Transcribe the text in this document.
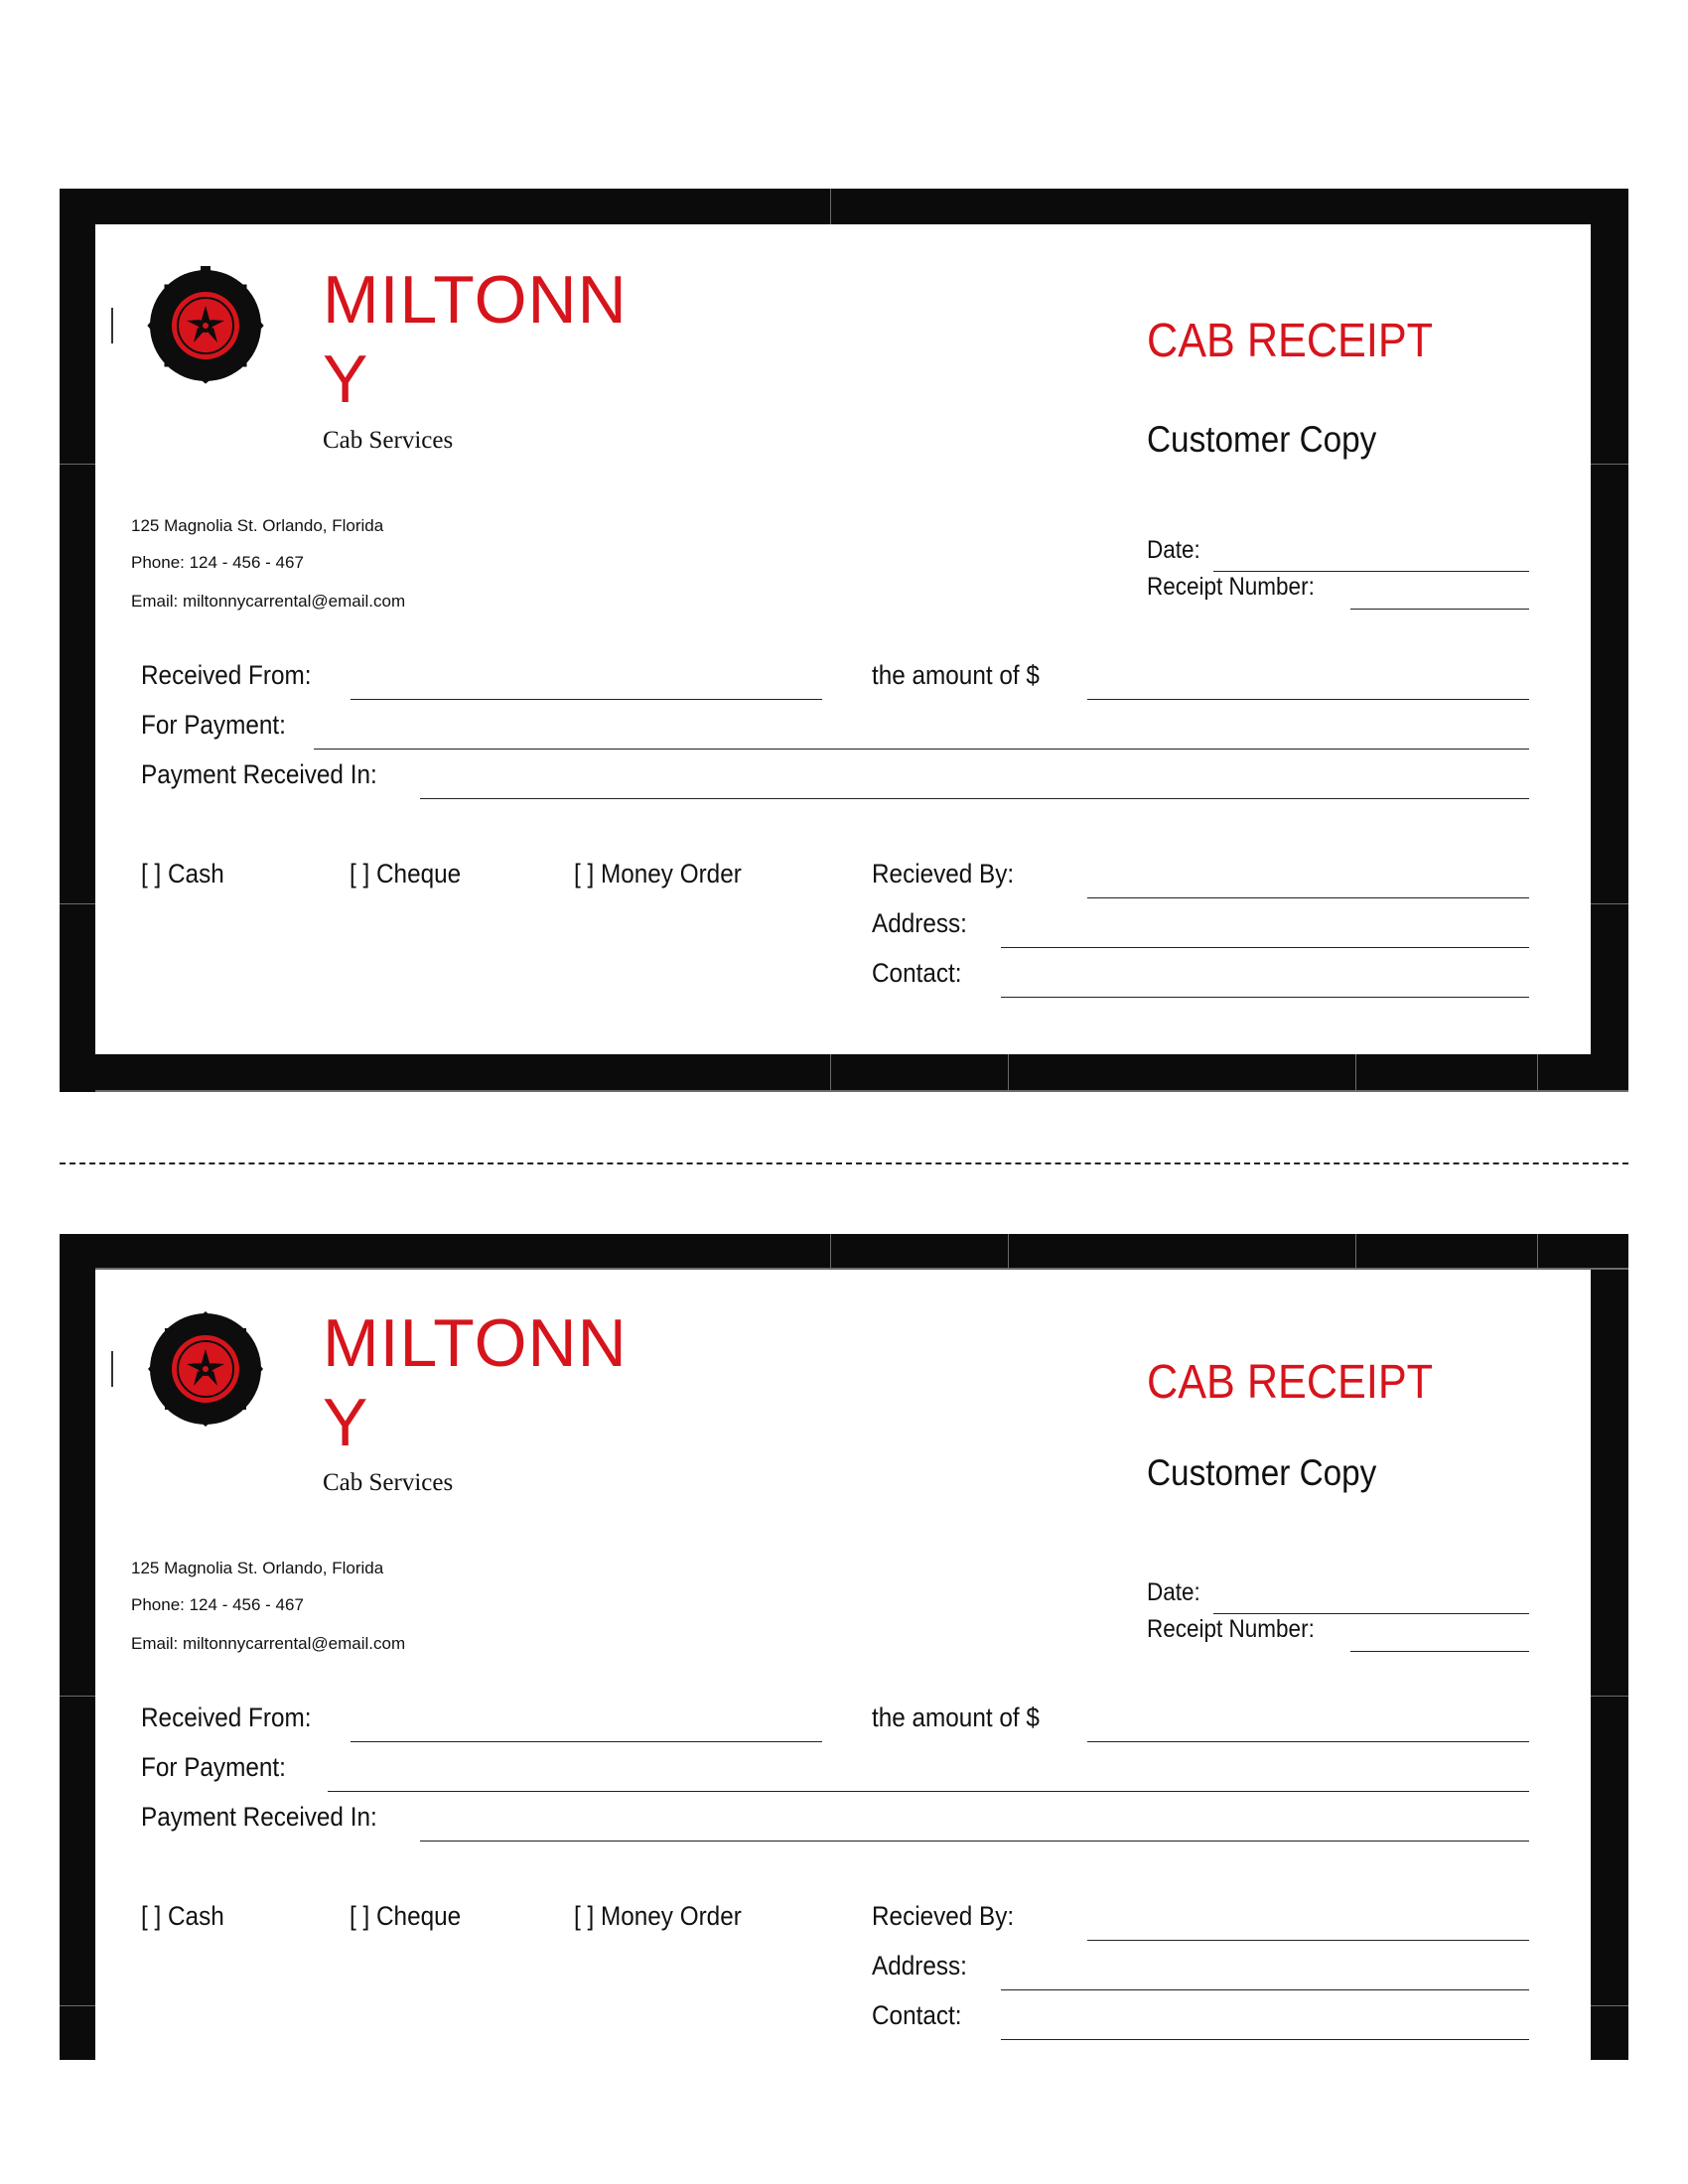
MILTONNY
Cab Services
125 Magnolia St. Orlando, Florida
Phone: 124 - 456 - 467
Email: miltonnycarrental@email.com
CAB RECEIPT
Customer Copy
Date:
Receipt Number:
Received From:	the amount of $
For Payment:
Payment Received In:
[ ] Cash	[ ] Cheque	[ ] Money Order	Recieved By:
Address:
Contact:
MILTONNY
Cab Services
125 Magnolia St. Orlando, Florida
Phone: 124 - 456 - 467
Email: miltonnycarrental@email.com
CAB RECEIPT
Customer Copy
Date:
Receipt Number:
Received From:	the amount of $
For Payment:
Payment Received In:
[ ] Cash	[ ] Cheque	[ ] Money Order	Recieved By:
Address:
Contact:
